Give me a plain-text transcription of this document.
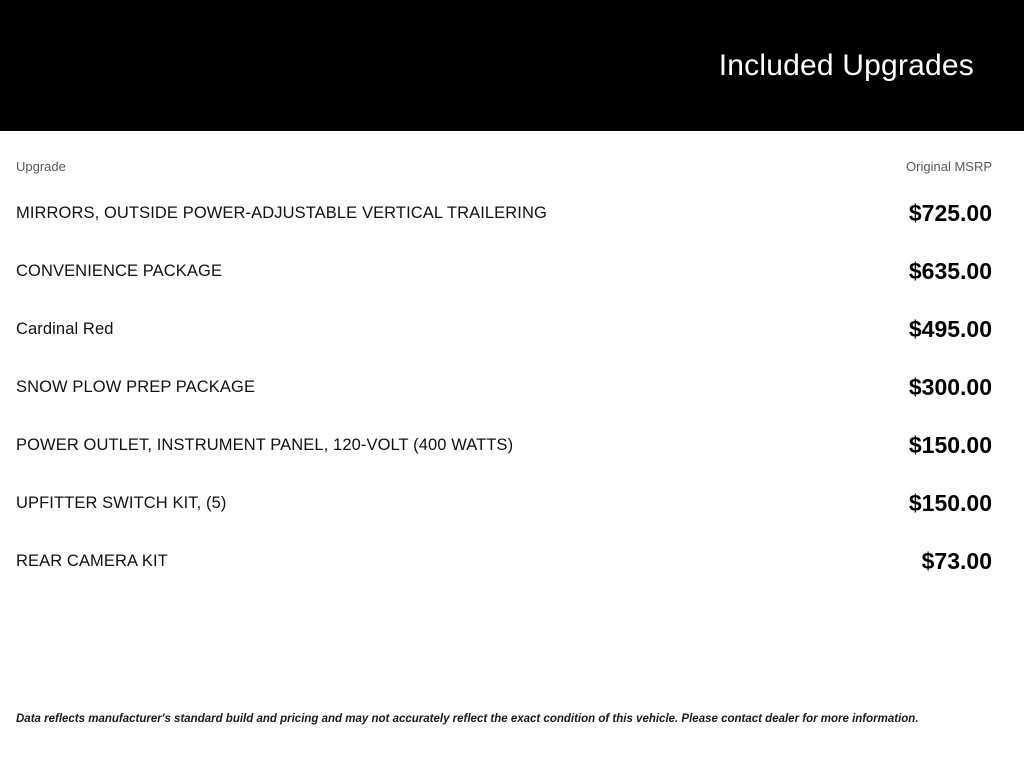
Included Upgrades
Upgrade	Original MSRP
MIRRORS, OUTSIDE POWER-ADJUSTABLE VERTICAL TRAILERING	$725.00
CONVENIENCE PACKAGE	$635.00
Cardinal Red	$495.00
SNOW PLOW PREP PACKAGE	$300.00
POWER OUTLET, INSTRUMENT PANEL, 120-VOLT (400 WATTS)	$150.00
UPFITTER SWITCH KIT, (5)	$150.00
REAR CAMERA KIT	$73.00
Data reflects manufacturer's standard build and pricing and may not accurately reflect the exact condition of this vehicle. Please contact dealer for more information.
